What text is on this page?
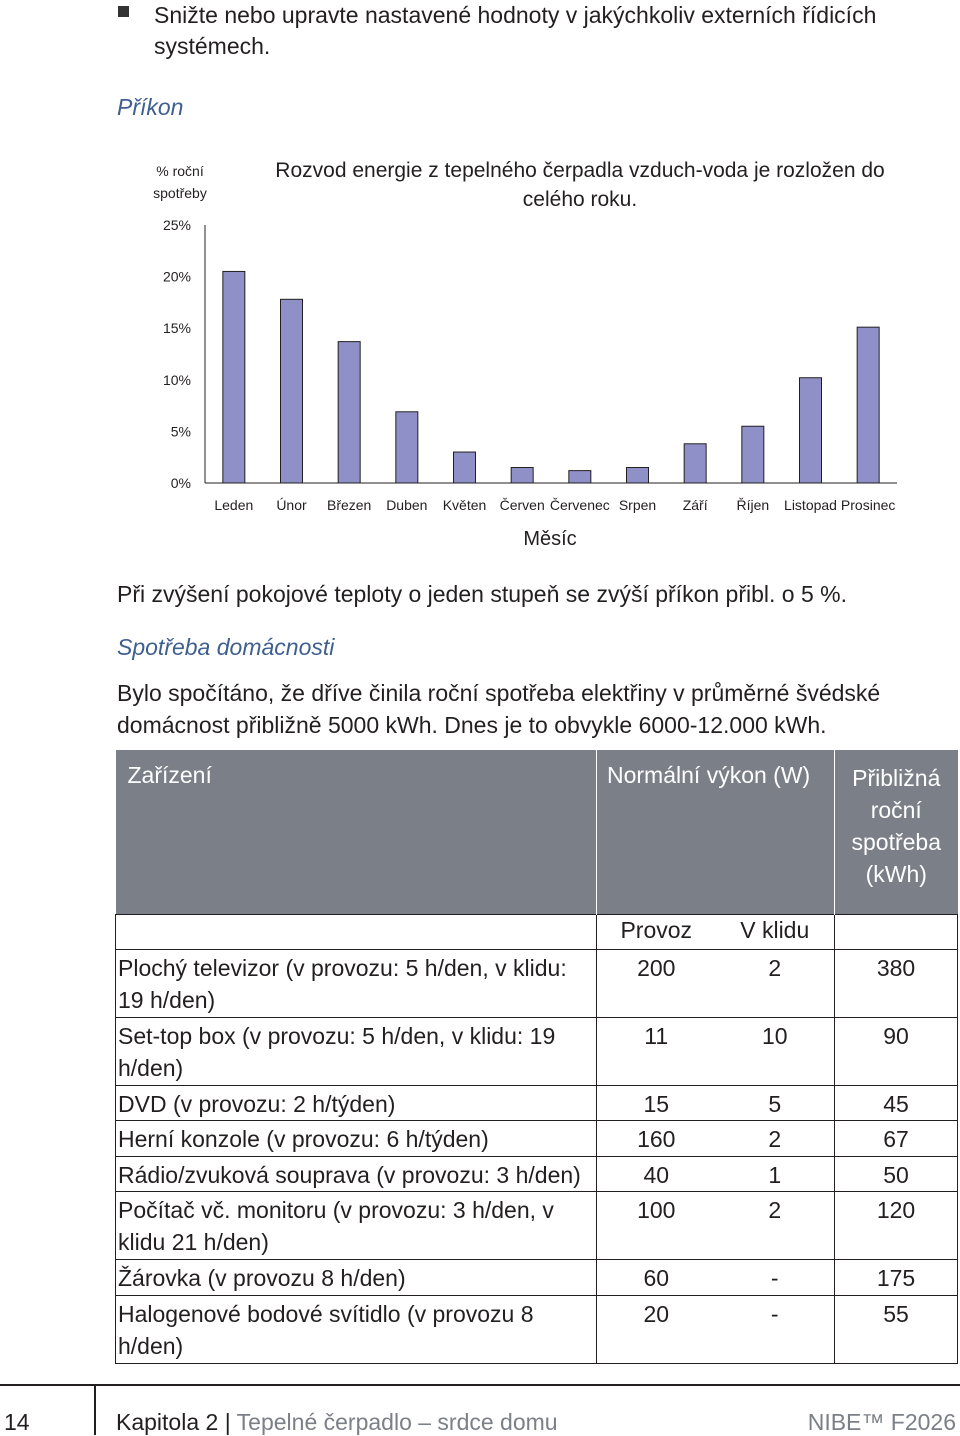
Snižte nebo upravte nastavené hodnoty v jakýchkoliv externích řídicích systémech.
Příkon
% roční spotřeby
Rozvod energie z tepelného čerpadla vzduch-voda je rozložen do celého roku.
0%
5%
10%
15%
20%
25%
Leden Únor Březen Duben Květen Červen Červenec Srpen Září Říjen Listopad Prosinec
Měsíc
Při zvýšení pokojové teploty o jeden stupeň se zvýší příkon přibl. o 5 %.
Spotřeba domácnosti
Bylo spočítáno, že dříve činila roční spotřeba elektřiny v průměrné švédské domácnost přibližně 5000 kWh. Dnes je to obvykle 6000-12.000 kWh.
Zařízení	Normální výkon (W)		Přibližná roční spotřeba (kWh)
	Provoz	V klidu	
Plochý televizor (v provozu: 5 h/den, v klidu: 19 h/den)	200	2	380
Set-top box (v provozu: 5 h/den, v klidu: 19 h/den)	11	10	90
DVD (v provozu: 2 h/týden)	15	5	45
Herní konzole (v provozu: 6 h/týden)	160	2	67
Rádio/zvuková souprava (v provozu: 3 h/den)	40	1	50
Počítač vč. monitoru (v provozu: 3 h/den, v klidu 21 h/den)	100	2	120
Žárovka (v provozu 8 h/den)	60	-	175
Halogenové bodové svítidlo (v provozu 8 h/den)	20	-	55
14	Kapitola 2 | Tepelné čerpadlo – srdce domu	NIBE™ F2026
